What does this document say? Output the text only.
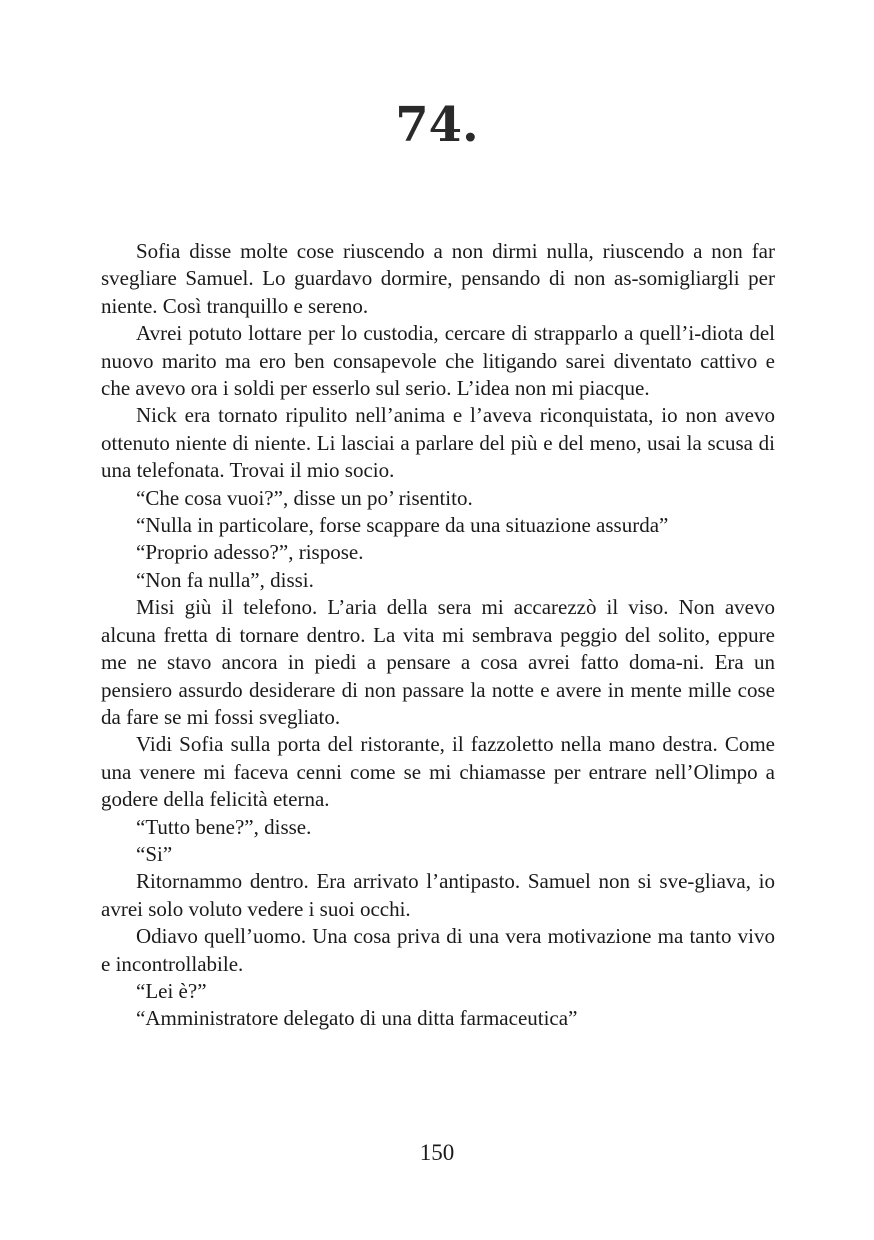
74.

Sofia disse molte cose riuscendo a non dirmi nulla, riuscendo a non far svegliare Samuel. Lo guardavo dormire, pensando di non as-somigliargli per niente. Così tranquillo e sereno.

Avrei potuto lottare per lo custodia, cercare di strapparlo a quell’i-diota del nuovo marito ma ero ben consapevole che litigando sarei diventato cattivo e che avevo ora i soldi per esserlo sul serio. L’idea non mi piacque.

Nick era tornato ripulito nell’anima e l’aveva riconquistata, io non avevo ottenuto niente di niente. Li lasciai a parlare del più e del meno, usai la scusa di una telefonata. Trovai il mio socio.

“Che cosa vuoi?”, disse un po’ risentito.

“Nulla in particolare, forse scappare da una situazione assurda”

“Proprio adesso?”, rispose.

“Non fa nulla”, dissi.

Misi giù il telefono. L’aria della sera mi accarezzò il viso. Non avevo alcuna fretta di tornare dentro. La vita mi sembrava peggio del solito, eppure me ne stavo ancora in piedi a pensare a cosa avrei fatto doma-ni. Era un pensiero assurdo desiderare di non passare la notte e avere in mente mille cose da fare se mi fossi svegliato.

Vidi Sofia sulla porta del ristorante, il fazzoletto nella mano destra. Come una venere mi faceva cenni come se mi chiamasse per entrare nell’Olimpo a godere della felicità eterna.

“Tutto bene?”, disse.

“Si”

Ritornammo dentro. Era arrivato l’antipasto. Samuel non si sve-gliava, io avrei solo voluto vedere i suoi occhi.

Odiavo quell’uomo. Una cosa priva di una vera motivazione ma tanto vivo e incontrollabile.

“Lei è?”

“Amministratore delegato di una ditta farmaceutica”

150
